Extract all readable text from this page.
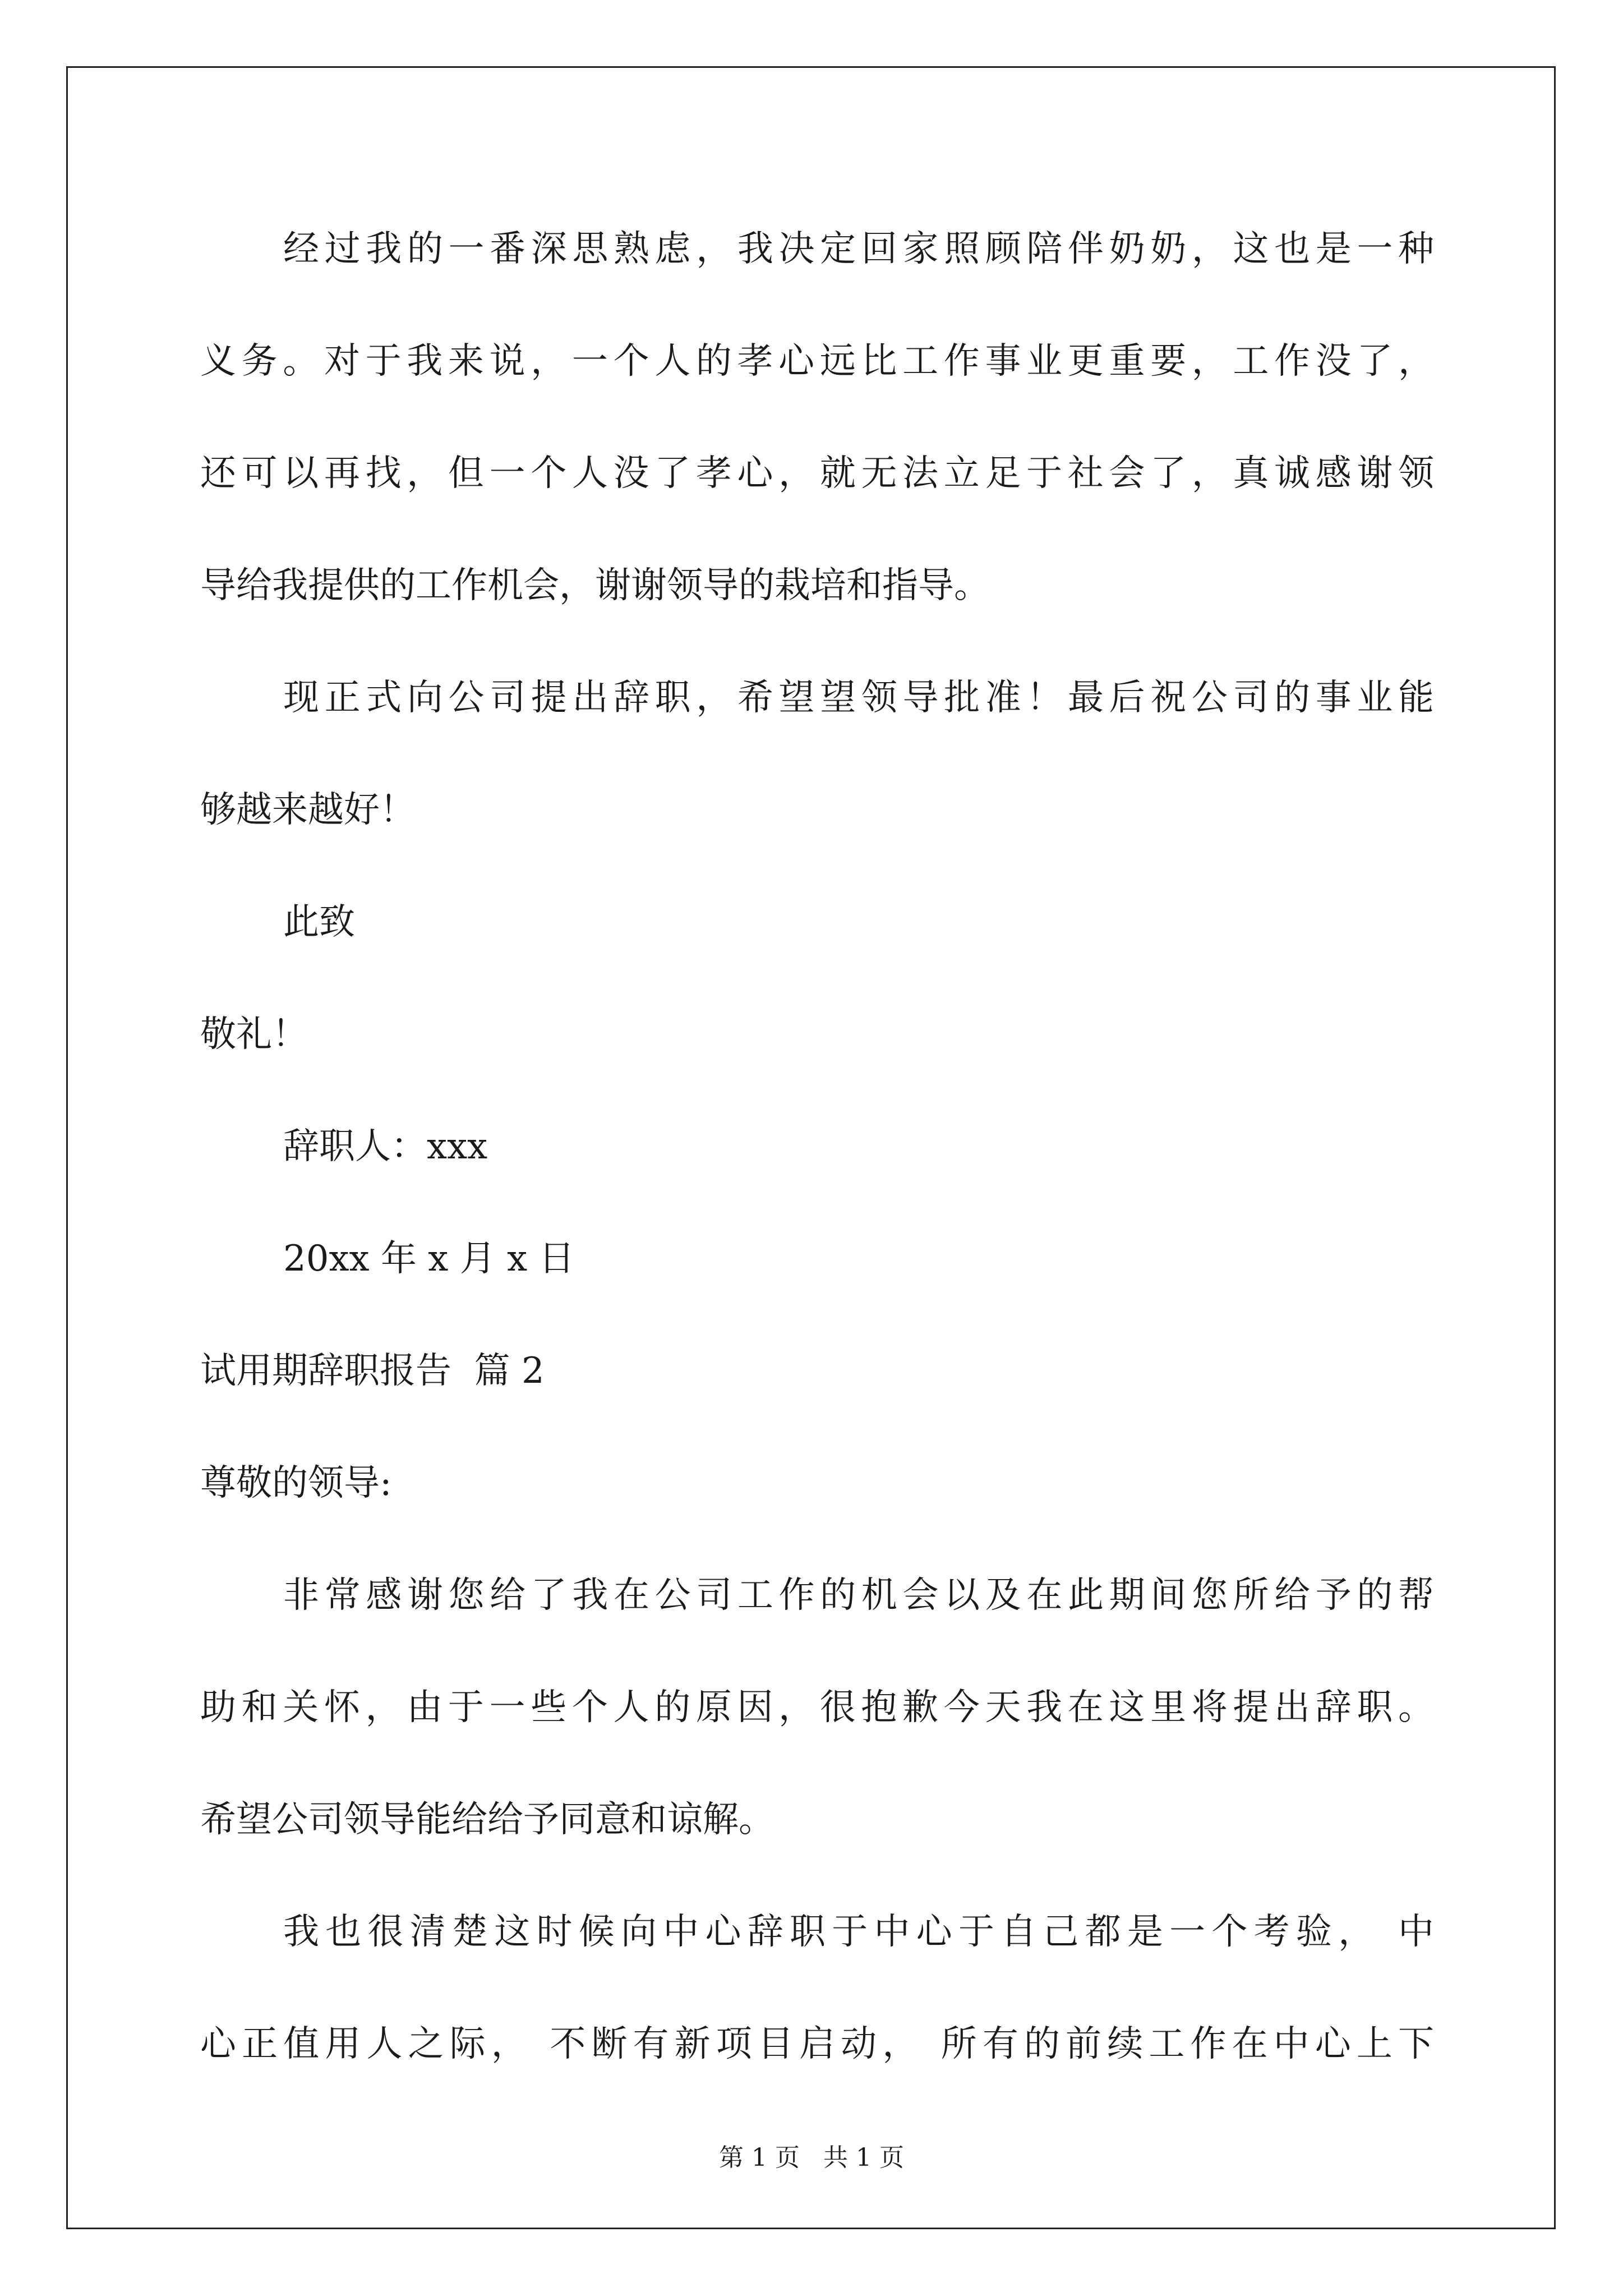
经过我的一番深思熟虑，我决定回家照顾陪伴奶奶，这也是一种
义务。对于我来说，一个人的孝心远比工作事业更重要，工作没了，
还可以再找，但一个人没了孝心，就无法立足于社会了，真诚感谢领
导给我提供的工作机会，谢谢领导的栽培和指导。
现正式向公司提出辞职，希望望领导批准！最后祝公司的事业能
够越来越好！
此致
敬礼！
辞职人：xxx
20xx 年 x 月 x 日
试用期辞职报告  篇 2
尊敬的领导:
非常感谢您给了我在公司工作的机会以及在此期间您所给予的帮
助和关怀，由于一些个人的原因，很抱歉今天我在这里将提出辞职。
希望公司领导能给给予同意和谅解。
我也很清楚这时候向中心辞职于中心于自己都是一个考验， 中
心正值用人之际， 不断有新项目启动， 所有的前续工作在中心上下
第 1 页   共 1 页
